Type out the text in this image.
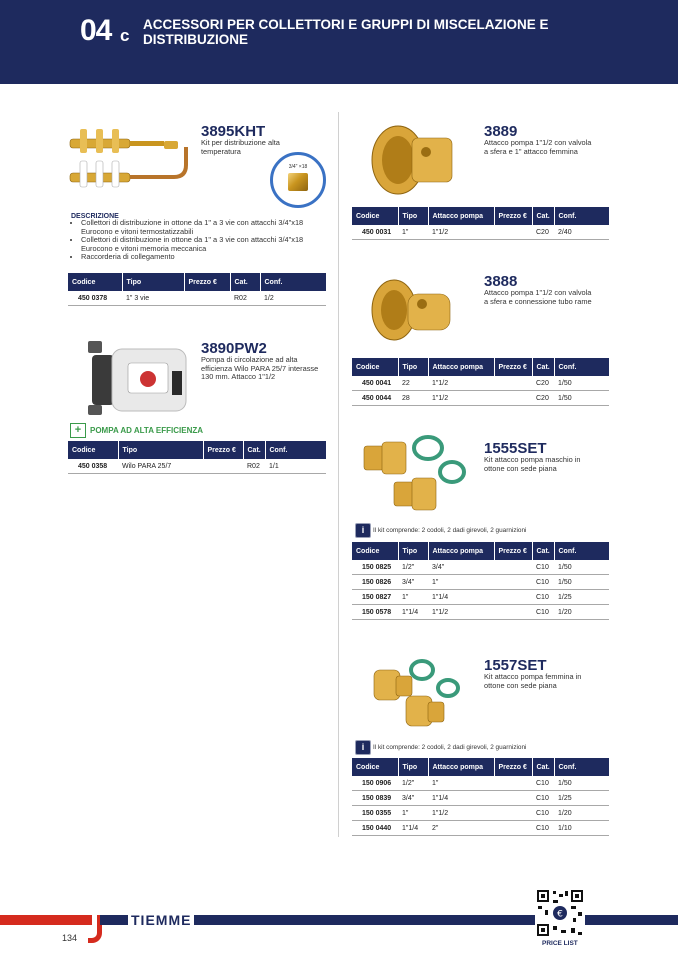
04 c
ACCESSORI PER COLLETTORI E GRUPPI DI MISCELAZIONE E DISTRIBUZIONE
3895KHT
Kit per distribuzione alta temperatura
3/4" ×18
DESCRIZIONE
• Collettori di distribuzione in ottone da 1" a 3 vie con attacchi 3/4"x18 Eurocono e vitoni termostatizzabili
• Collettori di distribuzione in ottone da 1" a 3 vie con attacchi 3/4"x18 Eurocono e vitoni memoria meccanica
• Raccorderia di collegamento
Codice	Tipo	Prezzo €	Cat.	Conf.
450 0378	1" 3 vie		R02	1/2
3890PW2
Pompa di circolazione ad alta efficienza Wilo PARA 25/7 interasse 130 mm. Attacco 1"1/2
+	POMPA AD ALTA EFFICIENZA
Codice	Tipo	Prezzo €	Cat.	Conf.
450 0358	Wilo PARA 25/7		R02	1/1
3889
Attacco pompa 1"1/2 con valvola a sfera e 1" attacco femmina
Codice	Tipo	Attacco pompa	Prezzo €	Cat.	Conf.
450 0031	1"	1"1/2		C20	2/40
3888
Attacco pompa 1"1/2 con valvola a sfera e connessione tubo rame
Codice	Tipo	Attacco pompa	Prezzo €	Cat.	Conf.
450 0041	22	1"1/2		C20	1/50
450 0044	28	1"1/2		C20	1/50
1555SET
Kit attacco pompa maschio in ottone con sede piana
i	Il kit comprende: 2 codoli, 2 dadi girevoli, 2 guarnizioni
Codice	Tipo	Attacco pompa	Prezzo €	Cat.	Conf.
150 0825	1/2"	3/4"		C10	1/50
150 0826	3/4"	1"		C10	1/50
150 0827	1"	1"1/4		C10	1/25
150 0578	1"1/4	1"1/2		C10	1/20
1557SET
Kit attacco pompa femmina in ottone con sede piana
i	Il kit comprende: 2 codoli, 2 dadi girevoli, 2 guarnizioni
Codice	Tipo	Attacco pompa	Prezzo €	Cat.	Conf.
150 0906	1/2"	1"		C10	1/50
150 0839	3/4"	1"1/4		C10	1/25
150 0355	1"	1"1/2		C10	1/20
150 0440	1"1/4	2"		C10	1/10
TIEMME
134
€
PRICE LIST
